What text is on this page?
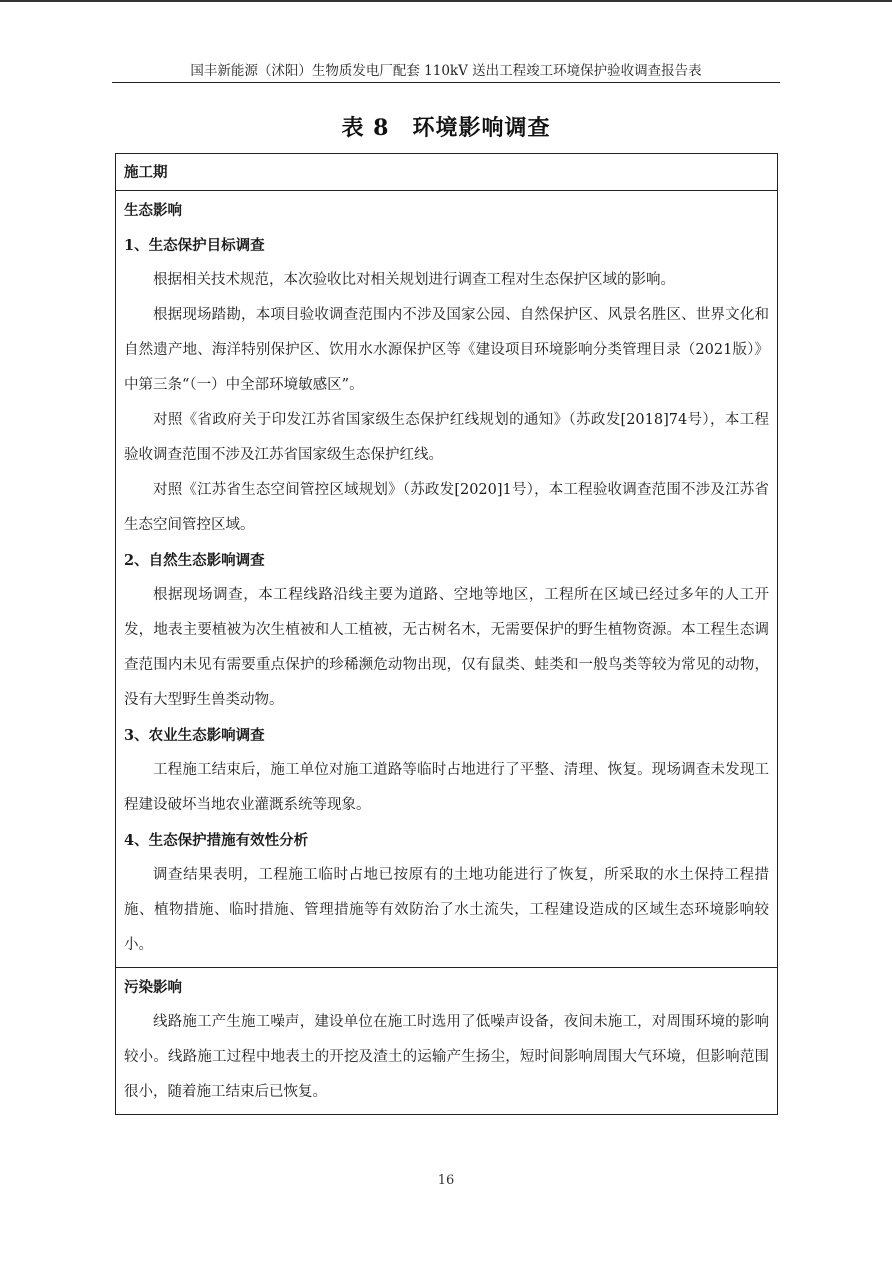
国丰新能源（沭阳）生物质发电厂配套 110kV 送出工程竣工环境保护验收调查报告表
表 8　环境影响调查
施工期
生态影响
1、生态保护目标调查

根据相关技术规范，本次验收比对相关规划进行调查工程对生态保护区域的影响。

根据现场踏勘，本项目验收调查范围内不涉及国家公园、自然保护区、风景名胜区、世界文化和自然遗产地、海洋特别保护区、饮用水水源保护区等《建设项目环境影响分类管理目录（2021版）》中第三条“（一）中全部环境敏感区”。

对照《省政府关于印发江苏省国家级生态保护红线规划的通知》（苏政发[2018]74号），本工程验收调查范围不涉及江苏省国家级生态保护红线。

对照《江苏省生态空间管控区域规划》（苏政发[2020]1号），本工程验收调查范围不涉及江苏省生态空间管控区域。

2、自然生态影响调查

根据现场调查，本工程线路沿线主要为道路、空地等地区，工程所在区域已经过多年的人工开发，地表主要植被为次生植被和人工植被，无古树名木，无需要保护的野生植物资源。本工程生态调查范围内未见有需要重点保护的珍稀濒危动物出现，仅有鼠类、蛙类和一般鸟类等较为常见的动物，没有大型野生兽类动物。

3、农业生态影响调查

工程施工结束后，施工单位对施工道路等临时占地进行了平整、清理、恢复。现场调查未发现工程建设破坏当地农业灌溉系统等现象。

4、生态保护措施有效性分析

调查结果表明，工程施工临时占地已按原有的土地功能进行了恢复，所采取的水土保持工程措施、植物措施、临时措施、管理措施等有效防治了水土流失，工程建设造成的区域生态环境影响较小。

污染影响

线路施工产生施工噪声，建设单位在施工时选用了低噪声设备，夜间未施工，对周围环境的影响较小。线路施工过程中地表土的开挖及渣土的运输产生扬尘，短时间影响周围大气环境，但影响范围很小，随着施工结束后已恢复。

16
